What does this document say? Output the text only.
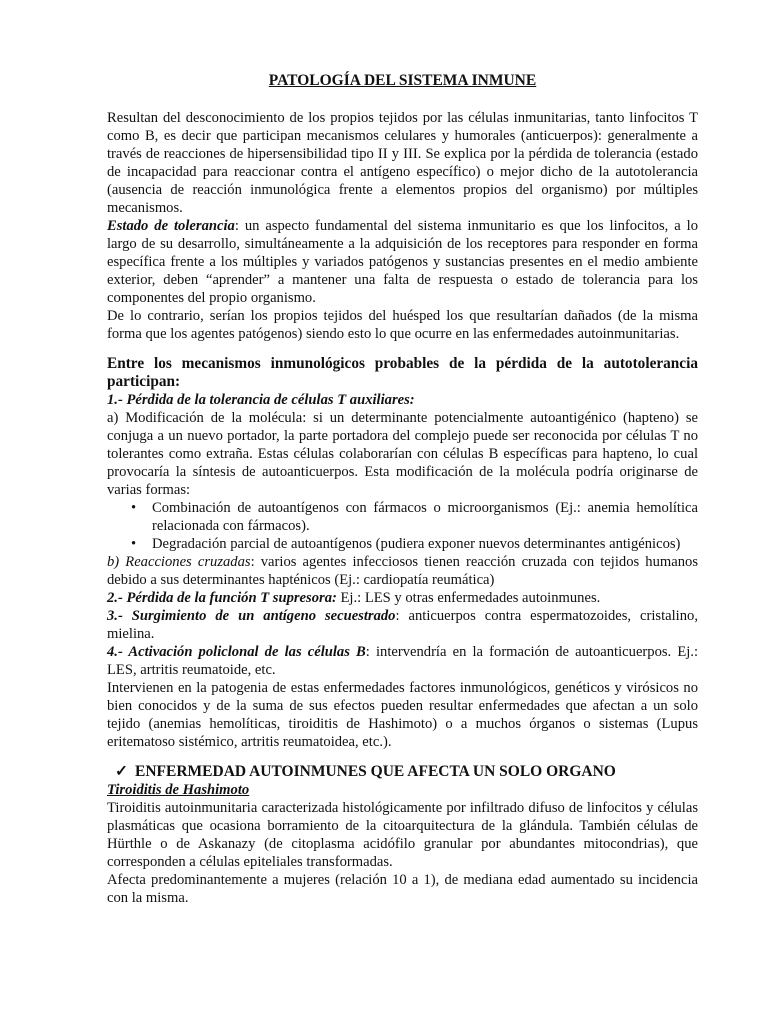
PATOLOGÍA DEL SISTEMA INMUNE

Resultan del desconocimiento de los propios tejidos por las células inmunitarias, tanto linfocitos T como B, es decir que participan mecanismos celulares y humorales (anticuerpos): generalmente a través de reacciones de hipersensibilidad tipo II y III. Se explica por la pérdida de tolerancia (estado de incapacidad para reaccionar contra el antígeno específico) o mejor dicho de la autotolerancia (ausencia de reacción inmunológica frente a elementos propios del organismo) por múltiples mecanismos.

Estado de tolerancia: un aspecto fundamental del sistema inmunitario es que los linfocitos, a lo largo de su desarrollo, simultáneamente a la adquisición de los receptores para responder en forma específica frente a los múltiples y variados patógenos y sustancias presentes en el medio ambiente exterior, deben “aprender” a mantener una falta de respuesta o estado de tolerancia para los componentes del propio organismo.

De lo contrario, serían los propios tejidos del huésped los que resultarían dañados (de la misma forma que los agentes patógenos) siendo esto lo que ocurre en las enfermedades autoinmunitarias.

Entre los mecanismos inmunológicos probables de la pérdida de la autotolerancia participan:

1.- Pérdida de la tolerancia de células T auxiliares:

a) Modificación de la molécula: si un determinante potencialmente autoantigénico (hapteno) se conjuga a un nuevo portador, la parte portadora del complejo puede ser reconocida por células T no tolerantes como extraña. Estas células colaborarían con células B específicas para hapteno, lo cual provocaría la síntesis de autoanticuerpos. Esta modificación de la molécula podría originarse de varias formas:

• Combinación de autoantígenos con fármacos o microorganismos (Ej.: anemia hemolítica relacionada con fármacos).
• Degradación parcial de autoantígenos (pudiera exponer nuevos determinantes antigénicos)

b) Reacciones cruzadas: varios agentes infecciosos tienen reacción cruzada con tejidos humanos debido a sus determinantes hapténicos (Ej.: cardiopatía reumática)

2.- Pérdida de la función T supresora: Ej.: LES y otras enfermedades autoinmunes.

3.- Surgimiento de un antígeno secuestrado: anticuerpos contra espermatozoides, cristalino, mielina.

4.- Activación policlonal de las células B: intervendría en la formación de autoanticuerpos. Ej.: LES, artritis reumatoide, etc.

Intervienen en la patogenia de estas enfermedades factores inmunológicos, genéticos y virósicos no bien conocidos y de la suma de sus efectos pueden resultar enfermedades que afectan a un solo tejido (anemias hemolíticas, tiroiditis de Hashimoto) o a muchos órganos o sistemas (Lupus eritematoso sistémico, artritis reumatoidea, etc.).

✓ ENFERMEDAD AUTOINMUNES QUE AFECTA UN SOLO ORGANO

Tiroiditis de Hashimoto

Tiroiditis autoinmunitaria caracterizada histológicamente por infiltrado difuso de linfocitos y células plasmáticas que ocasiona borramiento de la citoarquitectura de la glándula. También células de Hürthle o de Askanazy (de citoplasma acidófilo granular por abundantes mitocondrias), que corresponden a células epiteliales transformadas.

Afecta predominantemente a mujeres (relación 10 a 1), de mediana edad aumentado su incidencia con la misma.
